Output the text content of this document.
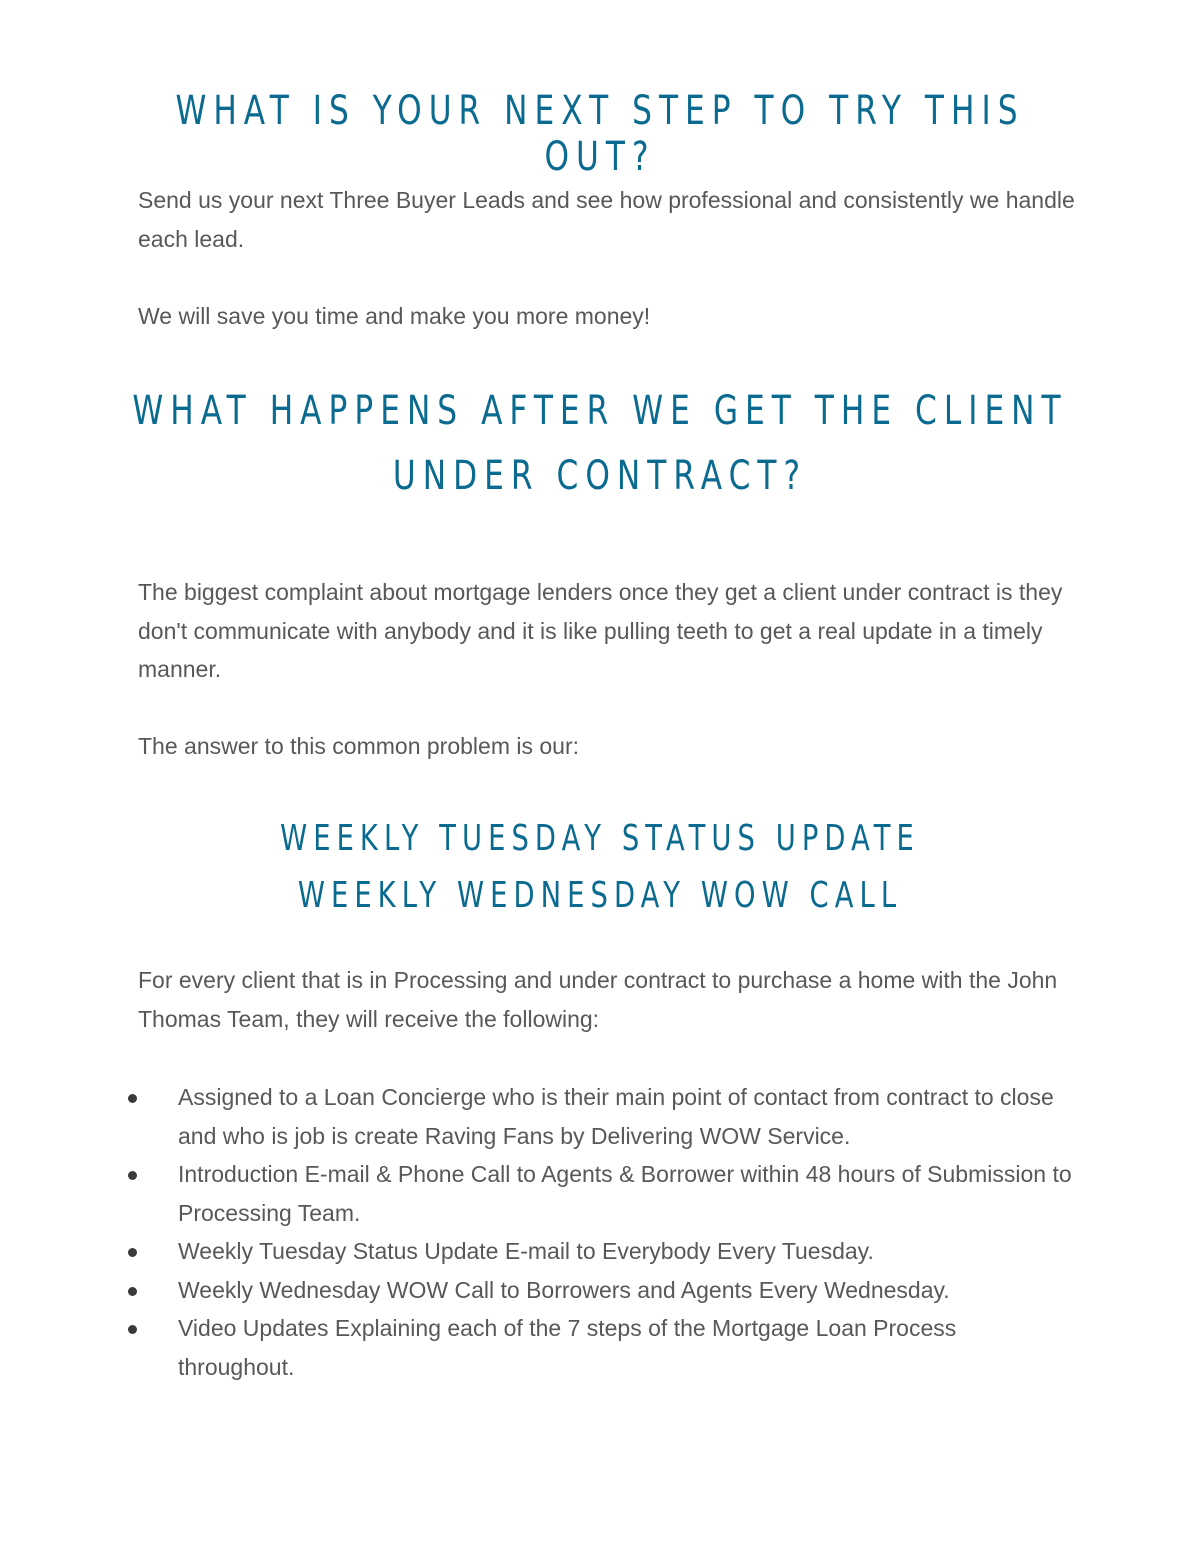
WHAT IS YOUR NEXT STEP TO TRY THIS OUT?

Send us your next Three Buyer Leads and see how professional and consistently we handle each lead.

We will save you time and make you more money!

WHAT HAPPENS AFTER WE GET THE CLIENT
UNDER CONTRACT?

The biggest complaint about mortgage lenders once they get a client under contract is they don't communicate with anybody and it is like pulling teeth to get a real update in a timely manner.

The answer to this common problem is our:

WEEKLY TUESDAY STATUS UPDATE
WEEKLY WEDNESDAY WOW CALL

For every client that is in Processing and under contract to purchase a home with the John Thomas Team, they will receive the following:

Assigned to a Loan Concierge who is their main point of contact from contract to close and who is job is create Raving Fans by Delivering WOW Service.
Introduction E-mail & Phone Call to Agents & Borrower within 48 hours of Submission to Processing Team.
Weekly Tuesday Status Update E-mail to Everybody Every Tuesday.
Weekly Wednesday WOW Call to Borrowers and Agents Every Wednesday.
Video Updates Explaining each of the 7 steps of the Mortgage Loan Process throughout.
